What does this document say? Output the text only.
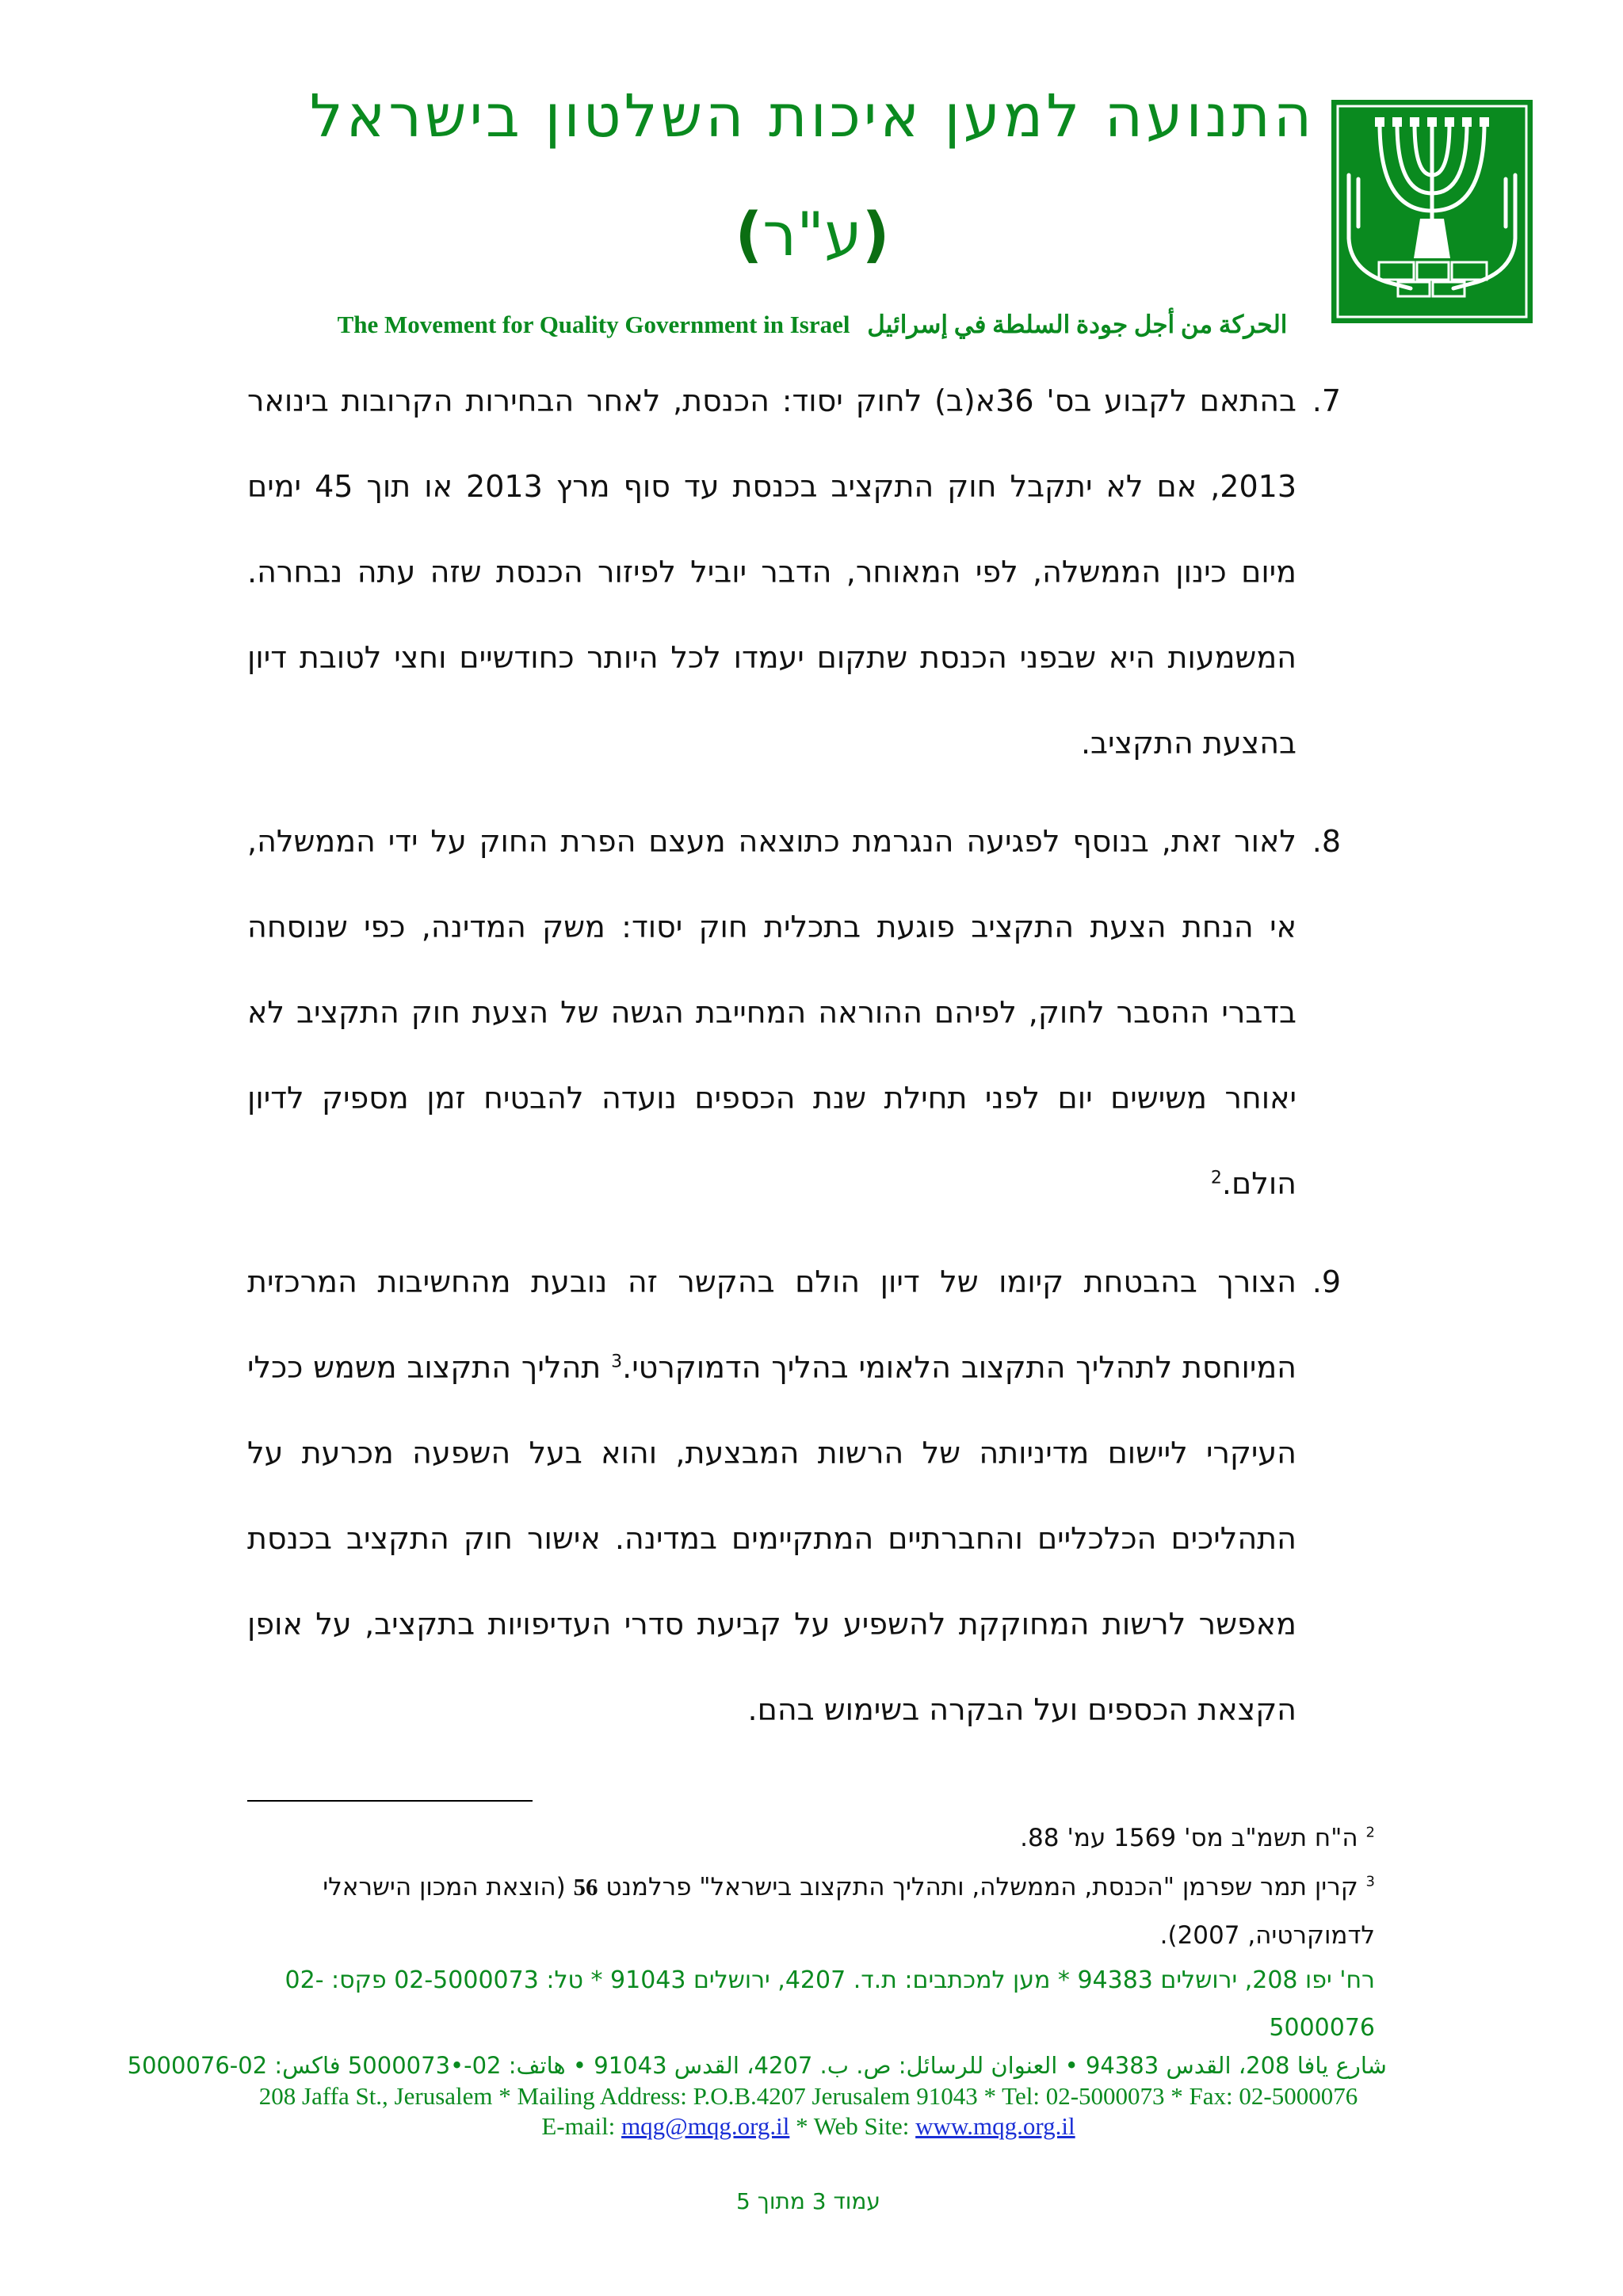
התנועה למען איכות השלטון בישראל
(ע"ר)
The Movement for Quality Government in Israel الحركة من أجل جودة السلطة في إسرائيل

7.
בהתאם לקבוע בס' 36א(ב) לחוק יסוד: הכנסת, לאחר הבחירות הקרובות בינואר 2013, אם לא יתקבל חוק התקציב בכנסת עד סוף מרץ 2013 או תוך 45 ימים מיום כינון הממשלה, לפי המאוחר, הדבר יוביל לפיזור הכנסת שזה עתה נבחרה. המשמעות היא שבפני הכנסת שתקום יעמדו לכל היותר כחודשיים וחצי לטובת דיון בהצעת התקציב.

8.
לאור זאת, בנוסף לפגיעה הנגרמת כתוצאה מעצם הפרת החוק על ידי הממשלה, אי הנחת הצעת התקציב פוגעת בתכלית חוק יסוד: משק המדינה, כפי שנוסחה בדברי ההסבר לחוק, לפיהם ההוראה המחייבת הגשה של הצעת חוק התקציב לא יאוחר משישים יום לפני תחילת שנת הכספים נועדה להבטיח זמן מספיק לדיון הולם.$^2$

9.
הצורך בהבטחת קיומו של דיון הולם בהקשר זה נובעת מהחשיבות המרכזית המיוחסת לתהליך התקצוב הלאומי בהליך הדמוקרטי.$^3$ תהליך התקצוב משמש ככלי העיקרי ליישום מדיניותה של הרשות המבצעת, והוא בעל השפעה מכרעת על התהליכים הכלכליים והחברתיים המתקיימים במדינה. אישור חוק התקציב בכנסת מאפשר לרשות המחוקקת להשפיע על קביעת סדרי העדיפויות בתקציב, על אופן הקצאת הכספים ועל הבקרה בשימוש בהם.

$^2$ ה"ח תשמ"ב מס' 1569 עמ' 88.

$^3$ קרין תמר שפרמן "הכנסת, הממשלה, ותהליך התקצוב בישראל" פרלמנט 56 (הוצאת המכון הישראלי לדמוקרטיה, 2007).

רח' יפו 208, ירושלים 94383 * מען למכתבים: ת.ד. 4207, ירושלים 91043 * טל: 02-5000073 פקס: 02-5000076
شارع يافا 208، القدس 94383 • العنوان للرسائل: ص. ب. 4207، القدس 91043 • هاتف: 02-•5000073 فاكس: 02-5000076
208 Jaffa St., Jerusalem * Mailing Address: P.O.B.4207 Jerusalem 91043 * Tel: 02-5000073 * Fax: 02-5000076
E-mail: mqg@mqg.org.il * Web Site: www.mqg.org.il
עמוד 3 מתוך 5
